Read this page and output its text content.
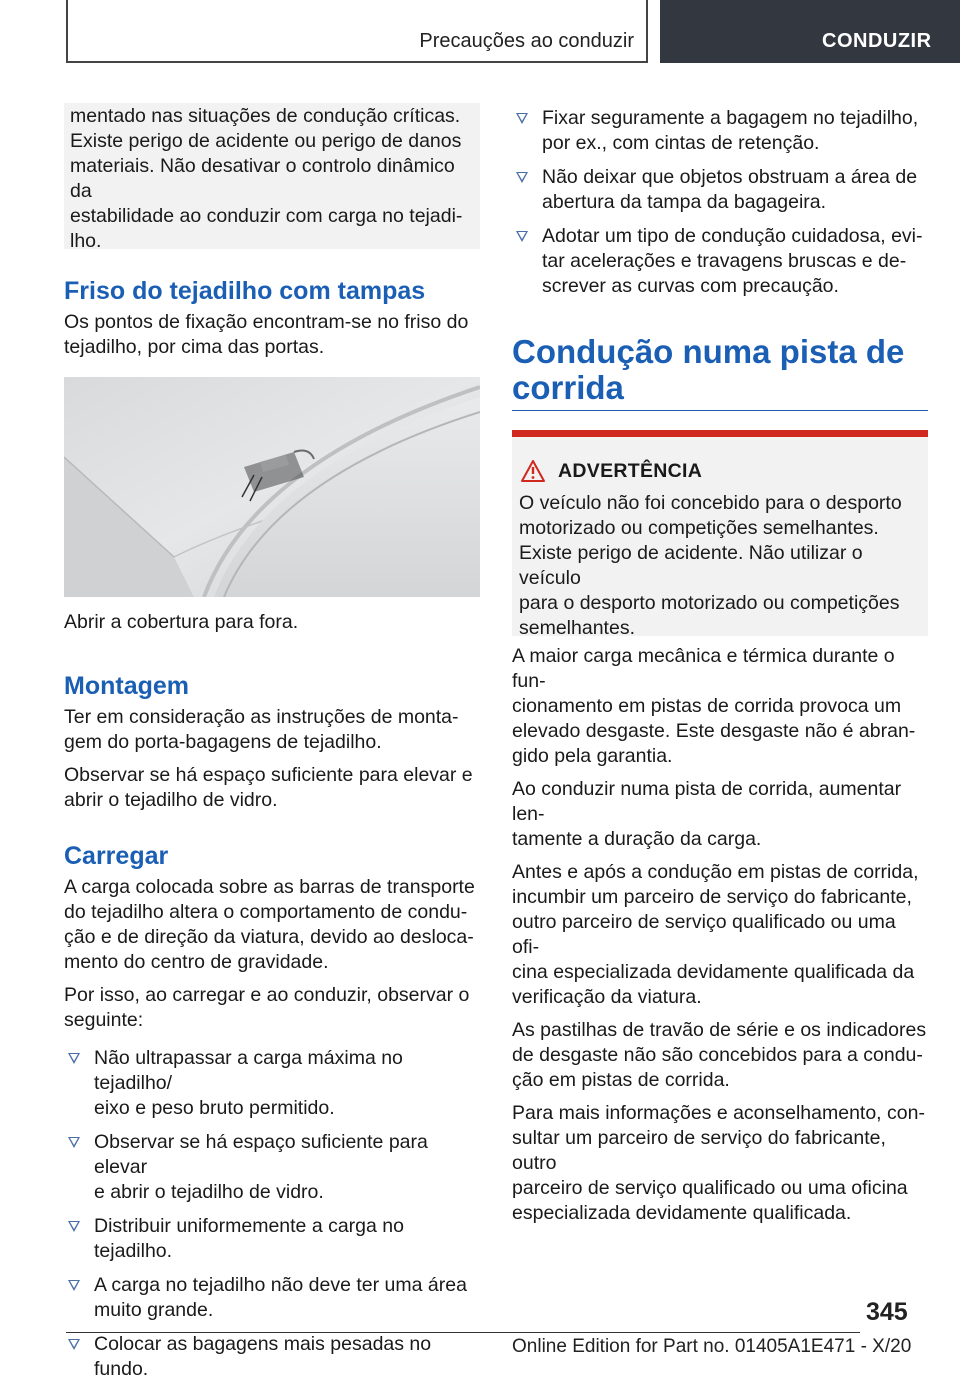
Precauções ao conduzir	CONDUZIR

mentado nas situações de condução críticas.

Existe perigo de acidente ou perigo de danos

materiais. Não desativar o controlo dinâmico da

estabilidade ao conduzir com carga no tejadi-

lho.

Friso do tejadilho com tampas

Os pontos de fixação encontram-se no friso do

tejadilho, por cima das portas.

Abrir a cobertura para fora.

Montagem

Ter em consideração as instruções de monta-

gem do porta-bagagens de tejadilho.

Observar se há espaço suficiente para elevar e

abrir o tejadilho de vidro.

Carregar

A carga colocada sobre as barras de transporte

do tejadilho altera o comportamento de condu-

ção e de direção da viatura, devido ao desloca-

mento do centro de gravidade.

Por isso, ao carregar e ao conduzir, observar o

seguinte:

Não ultrapassar a carga máxima no tejadilho/
eixo e peso bruto permitido.
Observar se há espaço suficiente para elevar
e abrir o tejadilho de vidro.
Distribuir uniformemente a carga no tejadilho.
A carga no tejadilho não deve ter uma área
muito grande.
Colocar as bagagens mais pesadas no fundo.
Fixar seguramente a bagagem no tejadilho,
por ex., com cintas de retenção.
Não deixar que objetos obstruam a área de
abertura da tampa da bagageira.
Adotar um tipo de condução cuidadosa, evi-
tar acelerações e travagens bruscas e de-
screver as curvas com precaução.
Condução numa pista de
corrida
ADVERTÊNCIA

O veículo não foi concebido para o desporto

motorizado ou competições semelhantes.

Existe perigo de acidente. Não utilizar o veículo

para o desporto motorizado ou competições

semelhantes.

A maior carga mecânica e térmica durante o fun-

cionamento em pistas de corrida provoca um

elevado desgaste. Este desgaste não é abran-

gido pela garantia.

Ao conduzir numa pista de corrida, aumentar len-

tamente a duração da carga.

Antes e após a condução em pistas de corrida,

incumbir um parceiro de serviço do fabricante,

outro parceiro de serviço qualificado ou uma ofi-

cina especializada devidamente qualificada da

verificação da viatura.

As pastilhas de travão de série e os indicadores

de desgaste não são concebidos para a condu-

ção em pistas de corrida.

Para mais informações e aconselhamento, con-

sultar um parceiro de serviço do fabricante, outro

parceiro de serviço qualificado ou uma oficina

especializada devidamente qualificada.

345
Online Edition for Part no. 01405A1E471 - X/20
